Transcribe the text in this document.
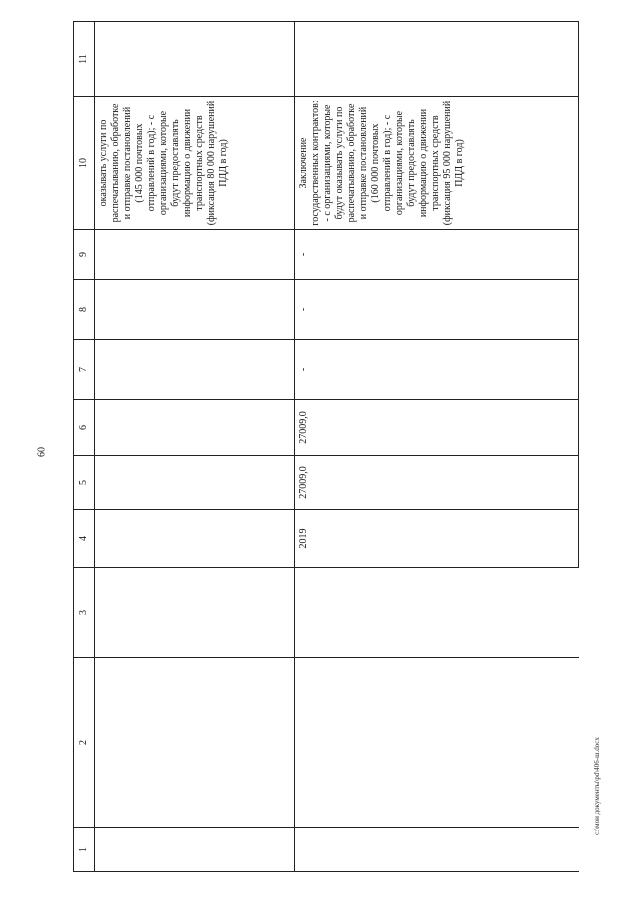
60
1	2	3	4	5	6	7	8	9	10	11
									оказывать услуги по распечатыванию, обработке и отправке постановлений (145 000 почтовых отправлений в год); - с организациями, которые будут предоставлять информацию о движении транспортных средств (фиксация 80 000 нарушений ПДД в год)	
			2019	27009,0	27009,0	-	-	-	Заключение государственных контрактов: - с организациями, которые будут оказывать услуги по распечатыванию, обработке и отправке постановлений (160 000 почтовых отправлений в год); - с организациями, которые будут предоставлять информацию о движении транспортных средств (фиксация 95 000 нарушений ПДД в год)	
с:\мои документы\pd\406-ш.docx
